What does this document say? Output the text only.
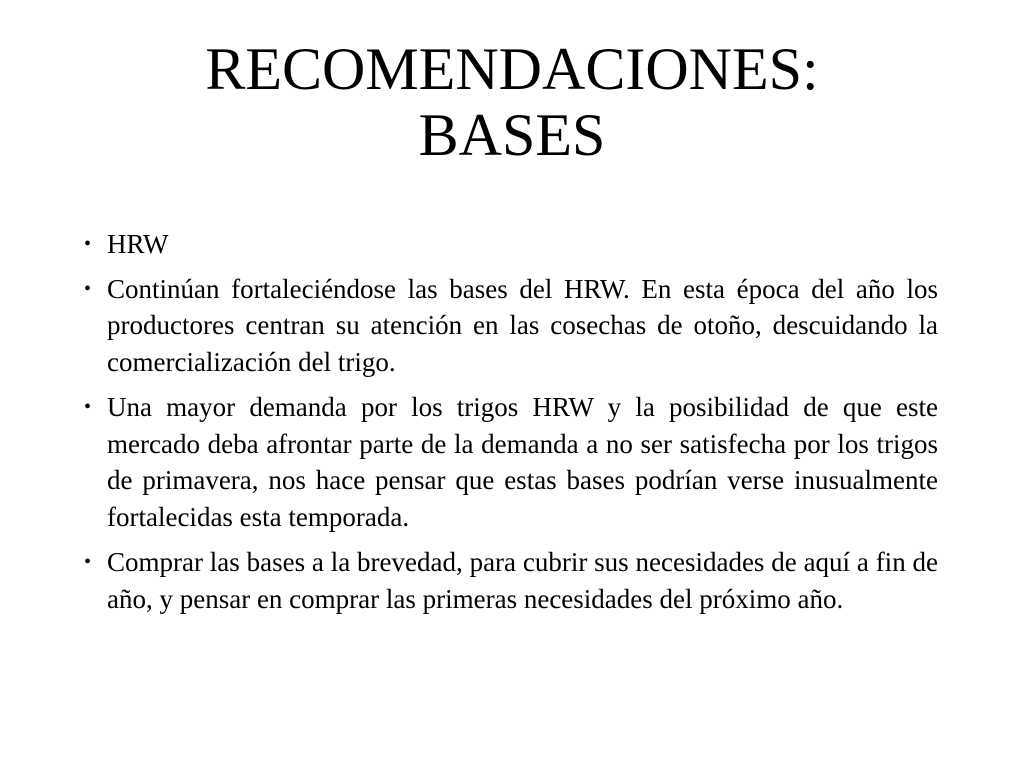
RECOMENDACIONES:
BASES
• HRW
• Continúan fortaleciéndose las bases del HRW. En esta época del año los productores centran su atención en las cosechas de otoño, descuidando la comercialización del trigo.
• Una mayor demanda por los trigos HRW y la posibilidad de que este mercado deba afrontar parte de la demanda a no ser satisfecha por los trigos de primavera, nos hace pensar que estas bases podrían verse inusualmente fortalecidas esta temporada.
• Comprar las bases a la brevedad, para cubrir sus necesidades de aquí a fin de año, y pensar en comprar las primeras necesidades del próximo año.
